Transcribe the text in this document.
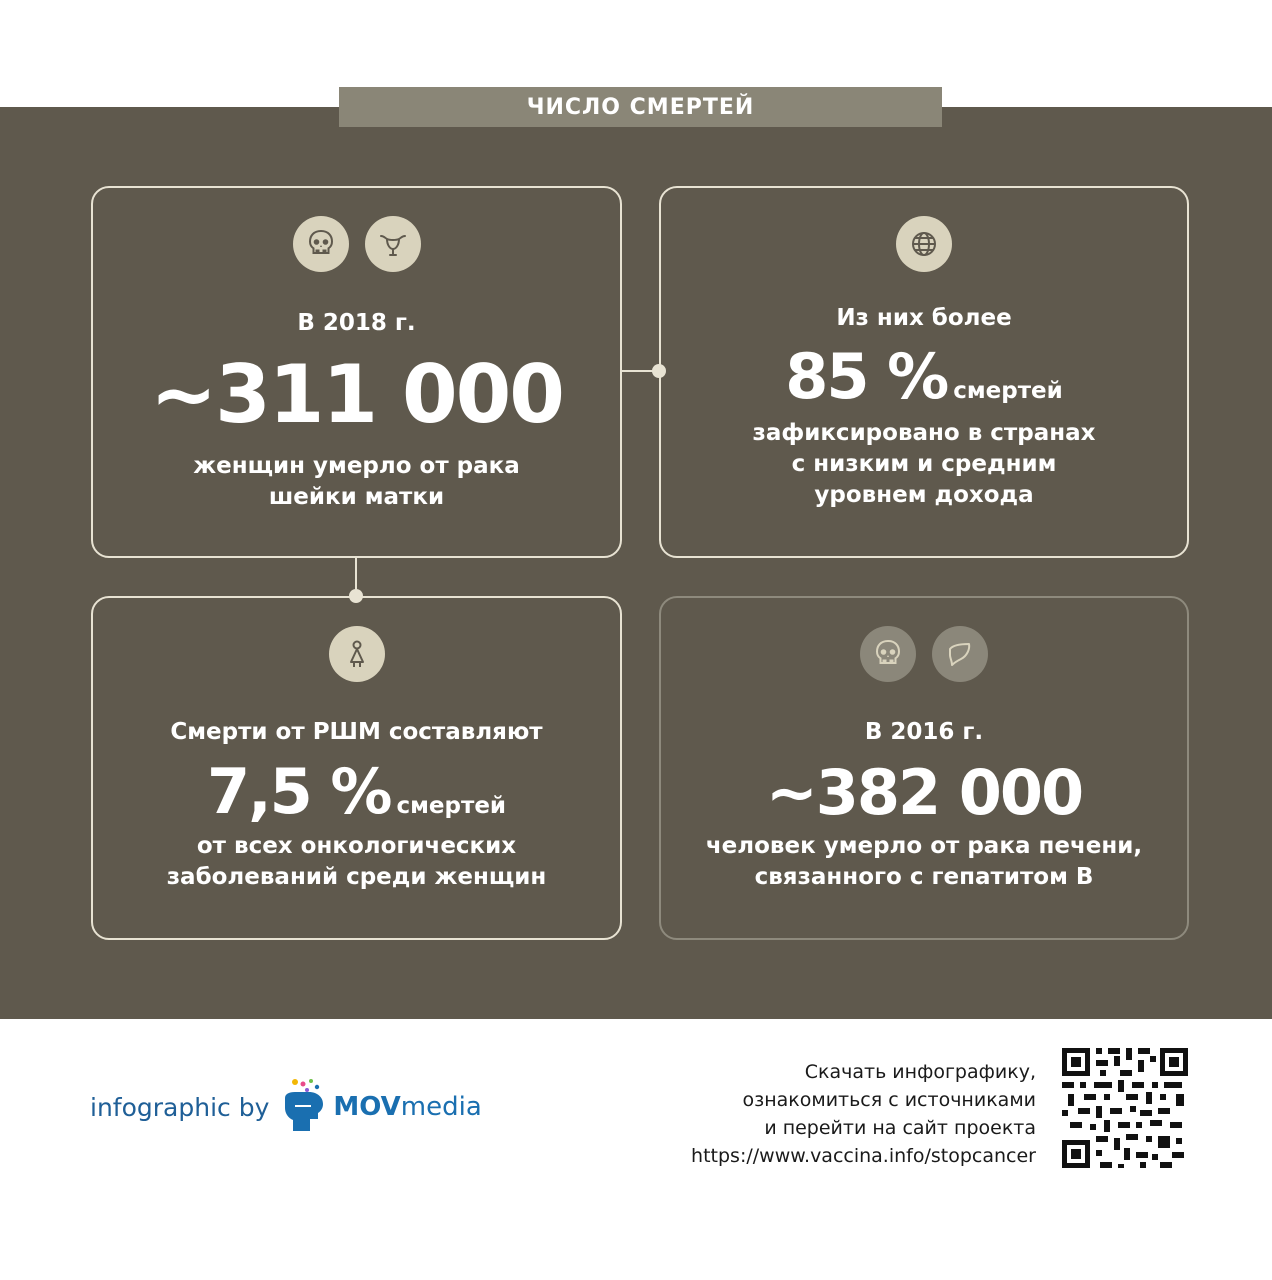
ЧИСЛО СМЕРТЕЙ
В 2018 г.
~311 000
женщин умерло от рака
шейки матки
Из них более
85 % смертей
зафиксировано в странах
с низким и средним
уровнем дохода
Смерти от РШМ составляют
7,5 % смертей
от всех онкологических
заболеваний среди женщин
В 2016 г.
~382 000
человек умерло от рака печени,
связанного с гепатитом В
infographic by MOV media
Скачать инфографику,
ознакомиться с источниками
и перейти на сайт проекта
https://www.vaccina.info/stopcancer
